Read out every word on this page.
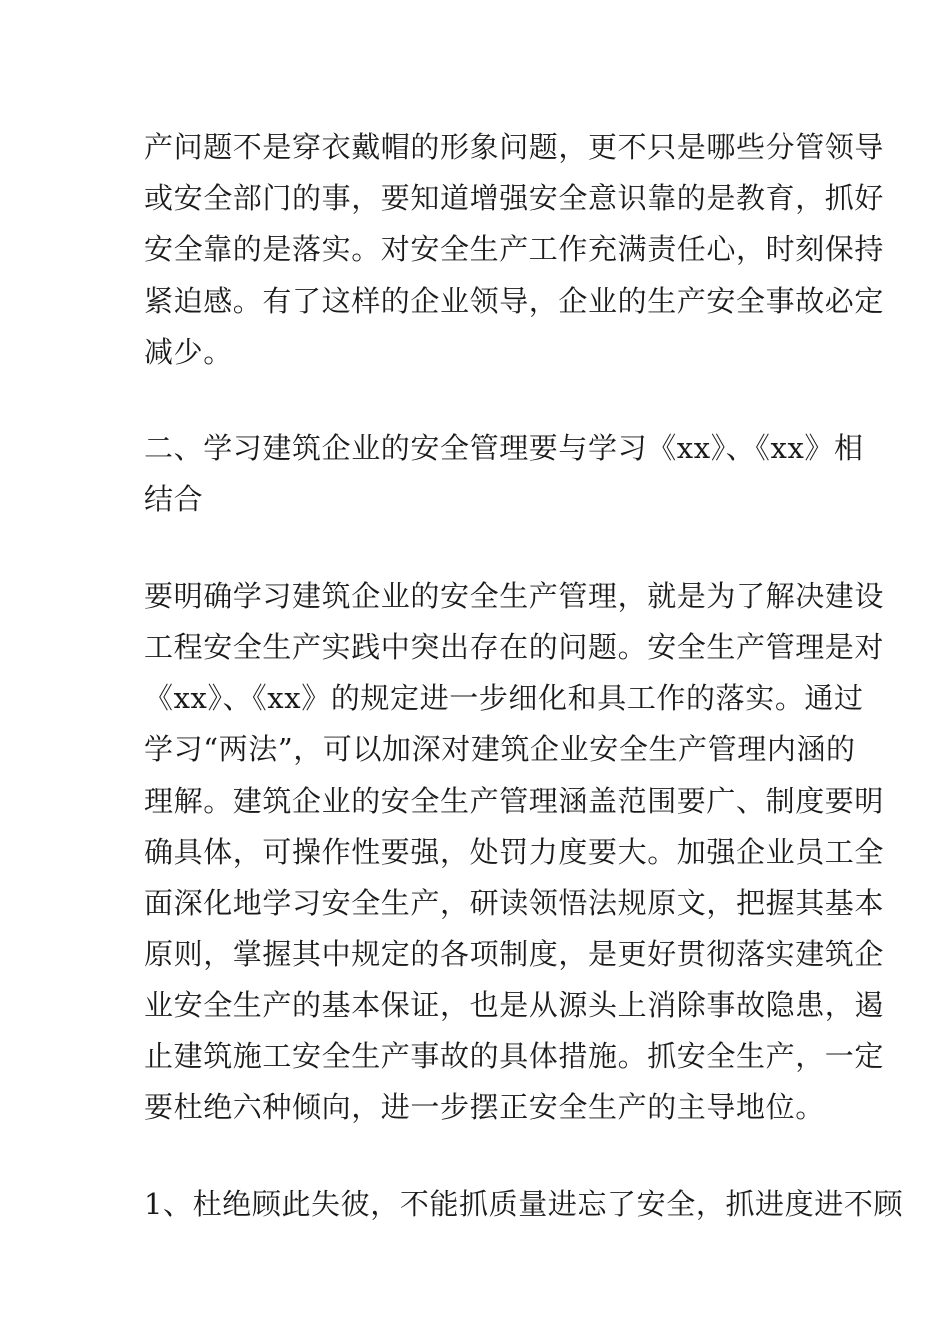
产问题不是穿衣戴帽的形象问题，更不只是哪些分管领导

或安全部门的事，要知道增强安全意识靠的是教育，抓好

安全靠的是落实。对安全生产工作充满责任心，时刻保持

紧迫感。有了这样的企业领导，企业的生产安全事故必定

减少。

二、学习建筑企业的安全管理要与学习《xx》、《xx》相

结合

要明确学习建筑企业的安全生产管理，就是为了解决建设

工程安全生产实践中突出存在的问题。安全生产管理是对

《xx》、《xx》的规定进一步细化和具工作的落实。通过

学习“两法”，可以加深对建筑企业安全生产管理内涵的

理解。建筑企业的安全生产管理涵盖范围要广、制度要明

确具体，可操作性要强，处罚力度要大。加强企业员工全

面深化地学习安全生产，研读领悟法规原文，把握其基本

原则，掌握其中规定的各项制度，是更好贯彻落实建筑企

业安全生产的基本保证，也是从源头上消除事故隐患，遏

止建筑施工安全生产事故的具体措施。抓安全生产，一定

要杜绝六种倾向，进一步摆正安全生产的主导地位。

1、杜绝顾此失彼，不能抓质量进忘了安全，抓进度进不顾
